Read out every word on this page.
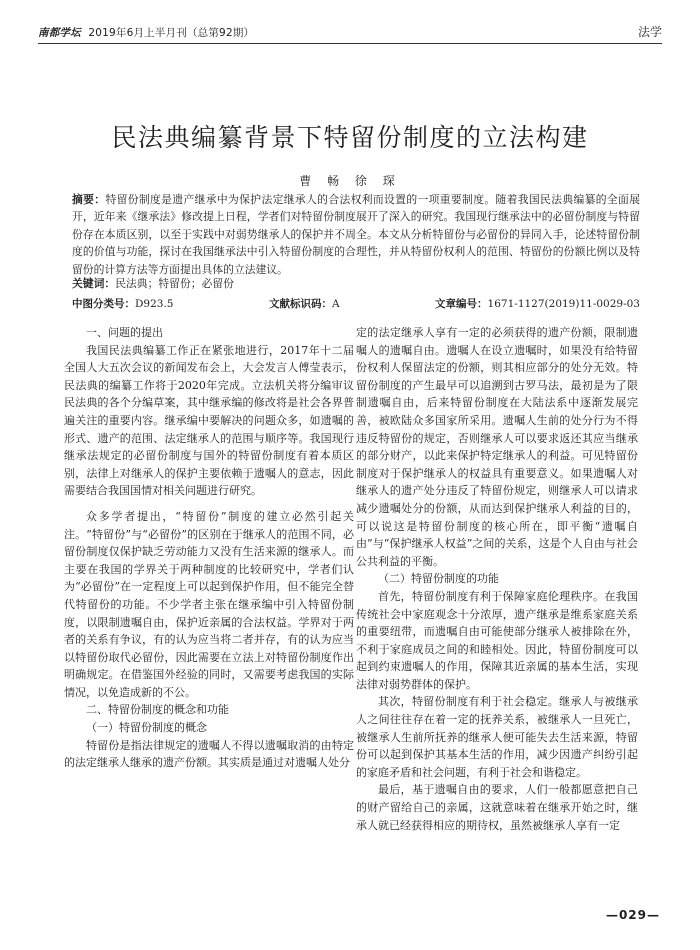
南都学坛 2019年6月上半月刊（总第92期）	法学
民法典编纂背景下特留份制度的立法构建
曹 畅 徐 琛
摘要：特留份制度是遗产继承中为保护法定继承人的合法权利而设置的一项重要制度。随着我国民法典编纂的全面展开，近年来《继承法》修改提上日程，学者们对特留份制度展开了深入的研究。我国现行继承法中的必留份制度与特留份存在本质区别，以至于实践中对弱势继承人的保护并不周全。本文从分析特留份与必留份的异同入手，论述特留份制度的价值与功能，探讨在我国继承法中引入特留份制度的合理性，并从特留份权利人的范围、特留份的份额比例以及特留份的计算方法等方面提出具体的立法建议。
关键词：民法典；特留份；必留份
中图分类号：D923.5	文献标识码：A	文章编号：1671-1127(2019)11-0029-03
一、问题的提出

我国民法典编纂工作正在紧张地进行，2017年十二届全国人大五次会议的新闻发布会上，大会发言人傅莹表示，民法典的编纂工作将于2020年完成。立法机关将分编审议民法典的各个分编草案，其中继承编的修改将是社会各界普遍关注的重要内容。继承编中要解决的问题众多，如遗嘱的形式、遗产的范围、法定继承人的范围与顺序等。我国现行继承法规定的必留份制度与国外的特留份制度有着本质区别，法律上对继承人的保护主要依赖于遗嘱人的意志，因此需要结合我国国情对相关问题进行研究。

众多学者提出，“特留份”制度的建立必然引起关注。“特留份”与“必留份”的区别在于继承人的范围不同，必留份制度仅保护缺乏劳动能力又没有生活来源的继承人。而主要在我国的学界关于两种制度的比较研究中，学者们认为“必留份”在一定程度上可以起到保护作用，但不能完全替代特留份的功能。不少学者主张在继承编中引入特留份制度，以限制遗嘱自由，保护近亲属的合法权益。学界对于两者的关系有争议，有的认为应当将二者并存，有的认为应当以特留份取代必留份，因此需要在立法上对特留份制度作出明确规定。在借鉴国外经验的同时，又需要考虑我国的实际情况，以免造成新的不公。

二、特留份制度的概念和功能
（一）特留份制度的概念

特留份是指法律规定的遗嘱人不得以遗嘱取消的由特定的法定继承人继承的遗产份额。其实质是通过对遗嘱人处分

定的法定继承人享有一定的必须获得的遗产份额，限制遗嘱人的遗嘱自由。遗嘱人在设立遗嘱时，如果没有给特留份权利人保留法定的份额，则其相应部分的处分无效。特留份制度的产生最早可以追溯到古罗马法，最初是为了限制遗嘱自由，后来特留份制度在大陆法系中逐渐发展完善，被欧陆众多国家所采用。遗嘱人生前的处分行为不得违反特留份的规定，否则继承人可以要求返还其应当继承的部分财产，以此来保护特定继承人的利益。可见特留份制度对于保护继承人的权益具有重要意义。如果遗嘱人对继承人的遗产处分违反了特留份规定，则继承人可以请求减少遗嘱处分的份额，从而达到保护继承人利益的目的，可以说这是特留份制度的核心所在，即平衡“遗嘱自由”与“保护继承人权益”之间的关系，这是个人自由与社会公共利益的平衡。

（二）特留份制度的功能

首先，特留份制度有利于保障家庭伦理秩序。在我国传统社会中家庭观念十分浓厚，遗产继承是维系家庭关系的重要纽带，而遗嘱自由可能使部分继承人被排除在外，不利于家庭成员之间的和睦相处。因此，特留份制度可以起到约束遗嘱人的作用，保障其近亲属的基本生活，实现法律对弱势群体的保护。

其次，特留份制度有利于社会稳定。继承人与被继承人之间往往存在着一定的抚养关系，被继承人一旦死亡，被继承人生前所抚养的继承人便可能失去生活来源，特留份可以起到保护其基本生活的作用，减少因遗产纠纷引起的家庭矛盾和社会问题，有利于社会和谐稳定。

最后，基于遗嘱自由的要求，人们一般都愿意把自己的财产留给自己的亲属，这就意味着在继承开始之时，继承人就已经获得相应的期待权，虽然被继承人享有一定

—029—
